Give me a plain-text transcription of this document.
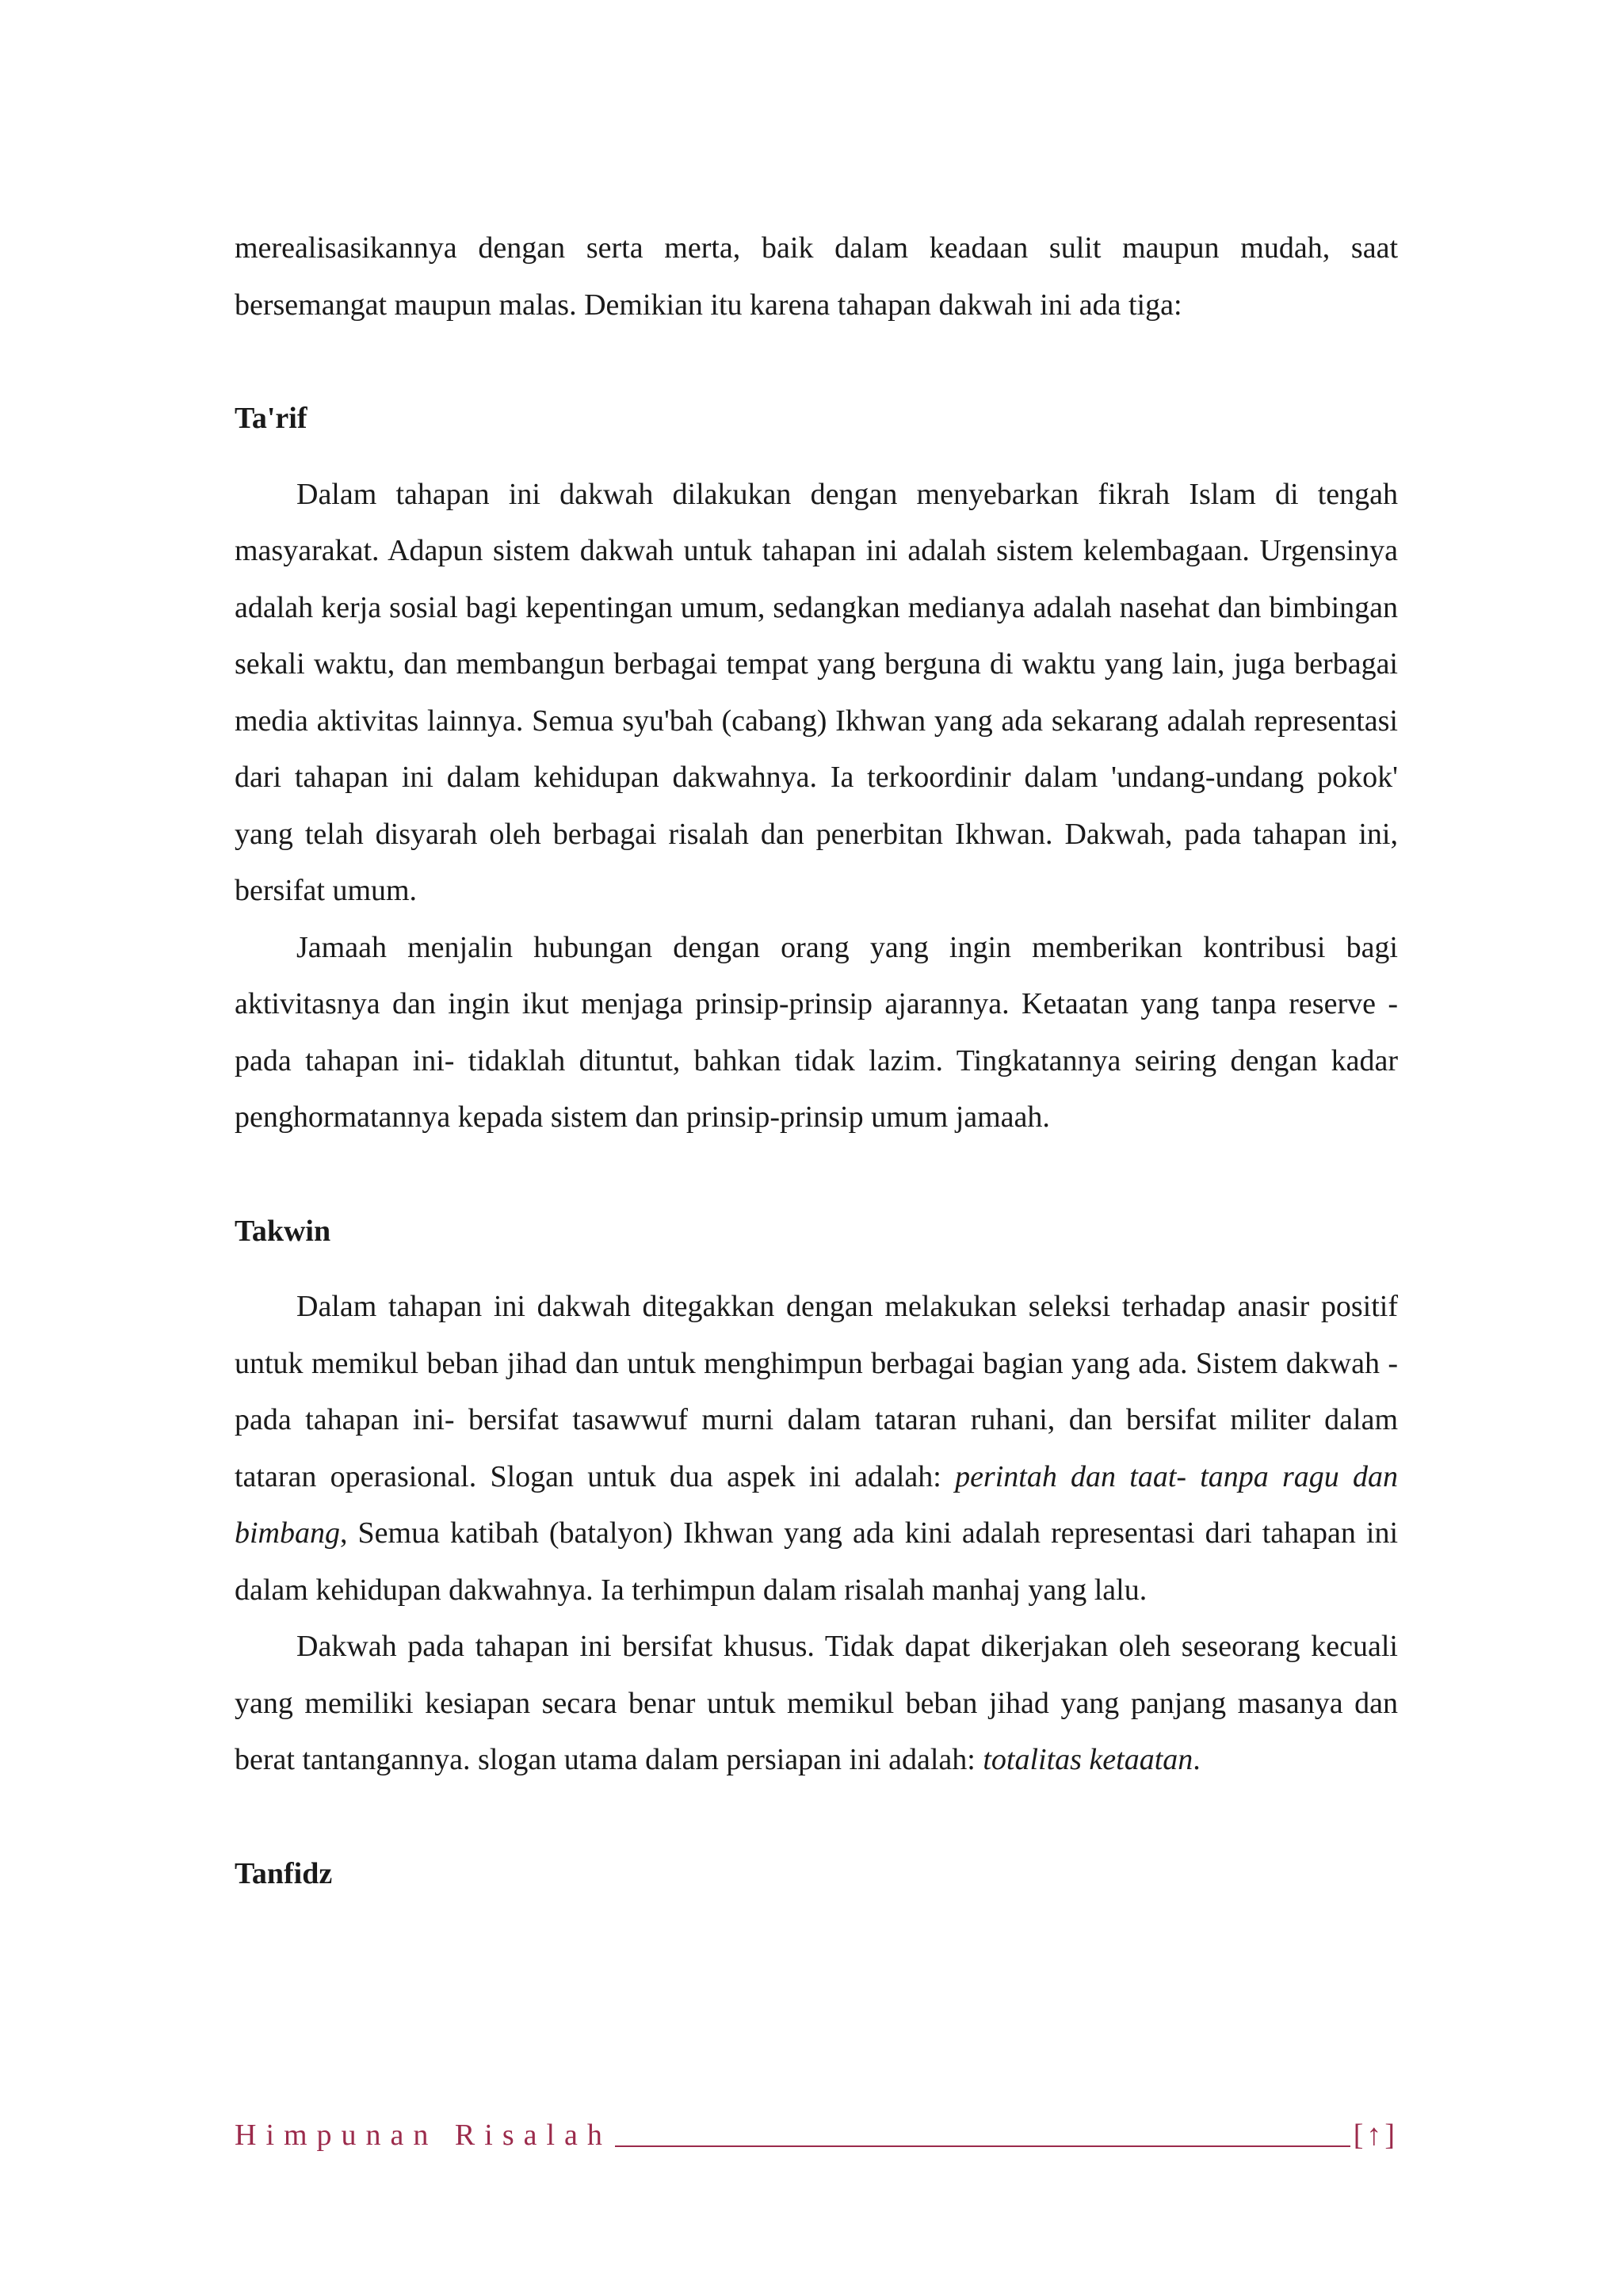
merealisasikannya dengan serta merta, baik dalam keadaan sulit maupun mudah, saat bersemangat maupun malas. Demikian itu karena tahapan dakwah ini ada tiga:

Ta'rif

Dalam tahapan ini dakwah dilakukan dengan menyebarkan fikrah Islam di tengah masyarakat. Adapun sistem dakwah untuk tahapan ini adalah sistem kelembagaan. Urgensinya adalah kerja sosial bagi kepentingan umum, sedangkan medianya adalah nasehat dan bimbingan sekali waktu, dan membangun berbagai tempat yang berguna di waktu yang lain, juga berbagai media aktivitas lainnya. Semua syu'bah (cabang) Ikhwan yang ada sekarang adalah representasi dari tahapan ini dalam kehidupan dakwahnya. Ia terkoordinir dalam 'undang-undang pokok' yang telah disyarah oleh berbagai risalah dan penerbitan Ikhwan. Dakwah, pada tahapan ini, bersifat umum.

Jamaah menjalin hubungan dengan orang yang ingin memberikan kontribusi bagi aktivitasnya dan ingin ikut menjaga prinsip-prinsip ajarannya. Ketaatan yang tanpa reserve -pada tahapan ini- tidaklah dituntut, bahkan tidak lazim. Tingkatannya seiring dengan kadar penghormatannya kepada sistem dan prinsip-prinsip umum jamaah.

Takwin

Dalam tahapan ini dakwah ditegakkan dengan melakukan seleksi terhadap anasir positif untuk memikul beban jihad dan untuk menghimpun berbagai bagian yang ada. Sistem dakwah -pada tahapan ini- bersifat tasawwuf murni dalam tataran ruhani, dan bersifat militer dalam tataran operasional. Slogan untuk dua aspek ini adalah: perintah dan taat- tanpa ragu dan bimbang, Semua katibah (batalyon) Ikhwan yang ada kini adalah representasi dari tahapan ini dalam kehidupan dakwahnya. Ia terhimpun dalam risalah manhaj yang lalu.

Dakwah pada tahapan ini bersifat khusus. Tidak dapat dikerjakan oleh seseorang kecuali yang memiliki kesiapan secara benar untuk memikul beban jihad yang panjang masanya dan berat tantangannya. slogan utama dalam persiapan ini adalah: totalitas ketaatan.

Tanfidz
Himpunan Risalah	[↑]
